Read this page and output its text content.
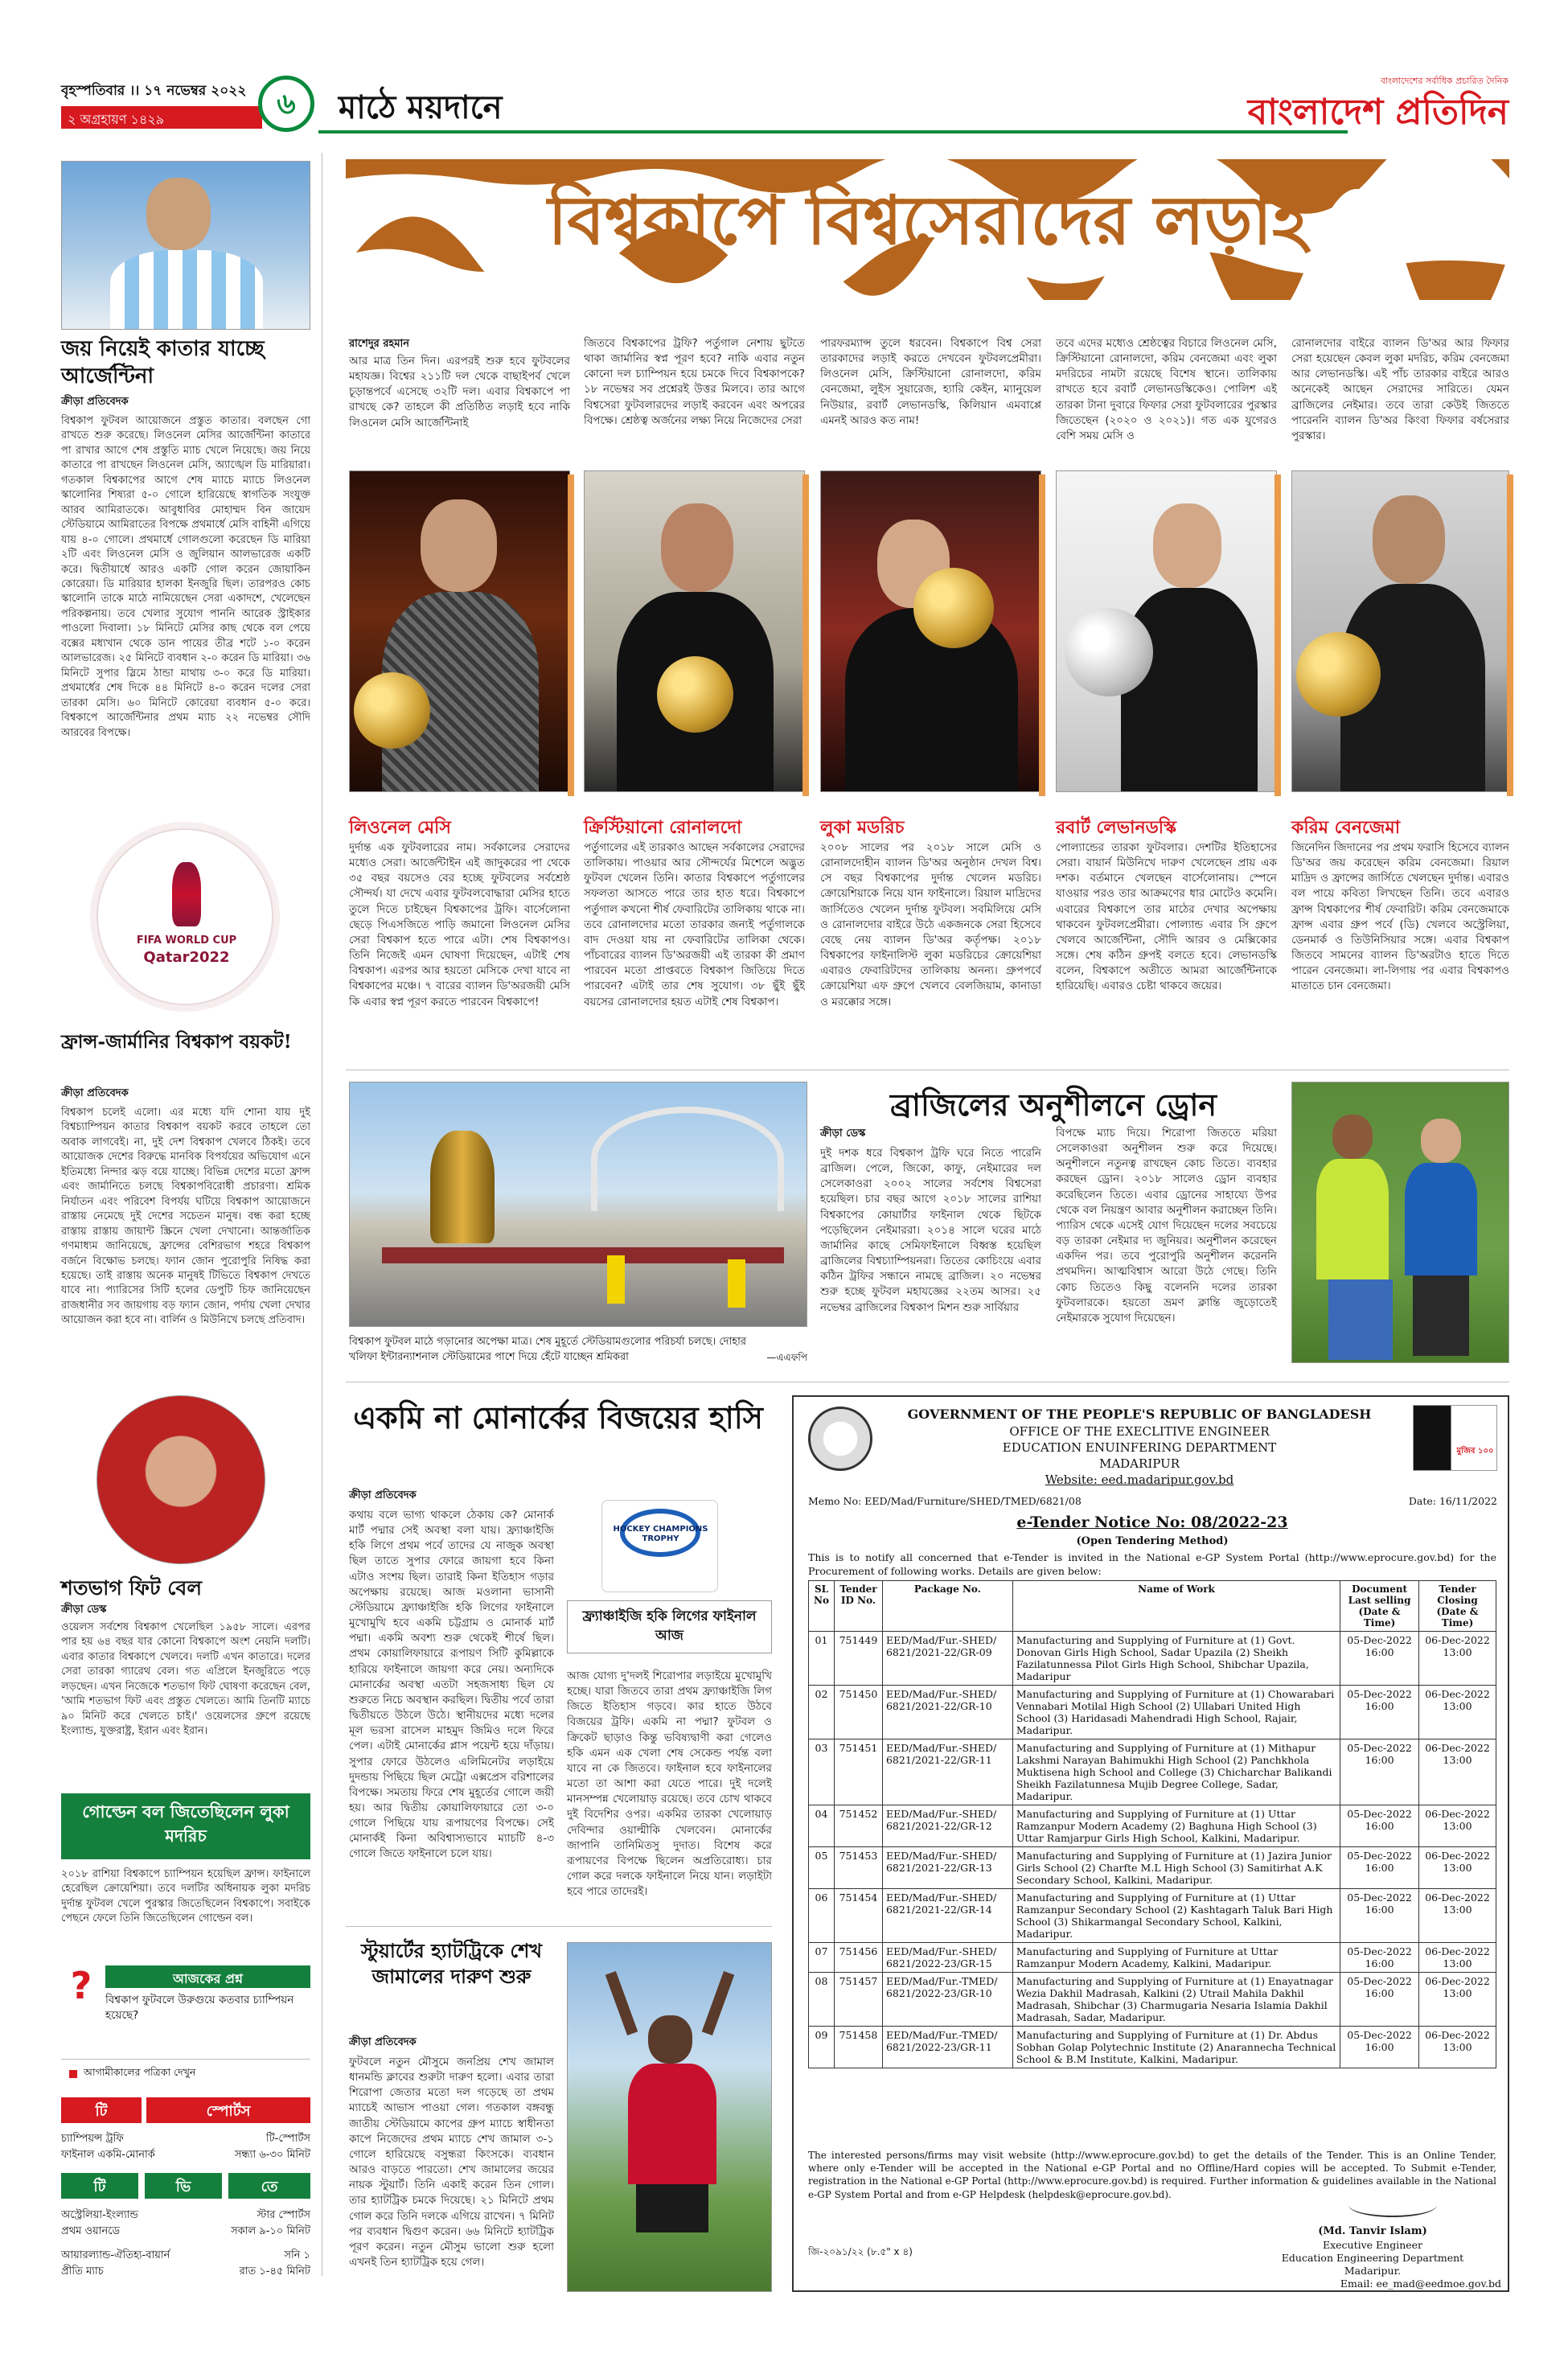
বৃহস্পতিবার ।। ১৭ নভেম্বর ২০২২
২ অগ্রহায়ণ ১৪২৯	৬	মাঠে ময়দানে
বাংলাদেশের সর্বাধিক প্রচারিত দৈনিক
বাংলাদেশ প্রতিদিন
জয় নিয়েই কাতার যাচ্ছে আর্জেন্টিনা
ক্রীড়া প্রতিবেদক
বিশ্বকাপ ফুটবল আয়োজনে প্রস্তুত কাতার। বলছেন গো রাখতে শুরু করেছে। লিওনেল মেসির আর্জেন্টিনা কাতারে পা রাখার আগে শেষ প্রস্তুতি ম্যাচ খেলে নিয়েছে। জয় নিয়ে কাতারে পা রাখছেন লিওনেল মেসি, অ্যাঙ্খেল ডি মারিয়ারা। গতকাল বিশ্বকাপের আগে শেষ ম্যাচে ম্যাচে লিওনেল স্কালোনির শিষ্যরা ৫-০ গোলে হারিয়েছে স্বাগতিক সংযুক্ত আরব আমিরাতকে। আবুধাবির মোহাম্মদ বিন জায়েদ স্টেডিয়ামে আমিরাতের বিপক্ষে প্রথমার্ধে মেসি বাহিনী এগিয়ে যায় ৪-০ গোলে। প্রথমার্ধে গোলগুলো করেছেন ডি মারিয়া ২টি এবং লিওনেল মেসি ও জুলিয়ান আলভারেজ একটি করে। দ্বিতীয়ার্ধে আরও একটি গোল করেন জোয়াকিন কোরেয়া। ডি মারিয়ার হালকা ইনজুরি ছিল। তারপরও কোচ স্কালোনি তাকে মাঠে নামিয়েছেন সেরা একাদশে, খেলেছেন পরিকল্পনায়। তবে খেলার সুযোগ পাননি আরেক স্ট্রাইকার পাওলো দিবালা। ১৮ মিনিটে মেসির কাছ থেকে বল পেয়ে বক্সের মধ্যখান থেকে ডান পায়ের তীব্র শটে ১-০ করেন আলভারেজ। ২৫ মিনিটে ব্যবধান ২-০ করেন ডি মারিয়া। ৩৬ মিনিটে সুপার স্লিমে ঠান্ডা মাথায় ৩-০ করে ডি মারিয়া। প্রথমার্ধের শেষ দিকে ৪৪ মিনিটে ৪-০ করেন দলের সেরা তারকা মেসি। ৬০ মিনিটে কোরেয়া ব্যবধান ৫-০ করে। বিশ্বকাপে আর্জেন্টিনার প্রথম ম্যাচ ২২ নভেম্বর সৌদি আরবের বিপক্ষে।
FIFA WORLD CUP
Qatar2022
ফ্রান্স-জার্মানির বিশ্বকাপ বয়কট!
ক্রীড়া প্রতিবেদক
বিশ্বকাপ চলেই এলো। এর মধ্যে যদি শোনা যায় দুই বিশ্বচ্যাম্পিয়ন কাতার বিশ্বকাপ বয়কট করবে তাহলে তো অবাক লাগবেই। না, দুই দেশ বিশ্বকাপ খেলবে ঠিকই। তবে আয়োজক দেশের বিরুদ্ধে মানবিক বিপর্যয়ের অভিযোগ এনে ইতিমধ্যে নিন্দার ঝড় বয়ে যাচ্ছে। বিভিন্ন দেশের মতো ফ্রান্স এবং জার্মানিতে চলছে বিশ্বকাপবিরোধী প্রচারণা। শ্রমিক নির্যাতন এবং পরিবেশ বিপর্যয় ঘটিয়ে বিশ্বকাপ আয়োজনে রাস্তায় নেমেছে দুই দেশের সচেতন মানুষ। বন্ধ করা হচ্ছে রাস্তায় রাস্তায় জায়ান্ট স্ক্রিনে খেলা দেখানো। আন্তর্জাতিক গণমাধ্যম জানিয়েছে, ফ্রান্সের বেশিরভাগ শহরে বিশ্বকাপ বর্জনে বিক্ষোভ চলছে। ফ্যান জোন পুরোপুরি নিষিদ্ধ করা হয়েছে। তাই রাস্তায় অনেক মানুষই টিভিতে বিশ্বকাপ দেখতে যাবে না। প্যারিসের সিটি হলের ডেপুটি চিফ জানিয়েছেন রাজধানীর সব জায়গায় বড় ফ্যান জোন, পর্দায় খেলা দেখার আয়োজন করা হবে না। বার্লিন ও মিউনিখে চলছে প্রতিবাদ।
শতভাগ ফিট বেল
ক্রীড়া ডেস্ক
ওয়েলস সর্বশেষ বিশ্বকাপ খেলেছিল ১৯৫৮ সালে। এরপর পার হয় ৬৪ বছর যার কোনো বিশ্বকাপে অংশ নেয়নি দলটি। এবার কাতার বিশ্বকাপে খেলবে। দলটি এখন কাতারে। দলের সেরা তারকা গ্যারেথ বেল। গত এপ্রিলে ইনজুরিতে পড়ে লড়ছেন। এখন নিজেকে শতভাগ ফিট ঘোষণা করেছেন বেল, 'আমি শতভাগ ফিট এবং প্রস্তুত খেলতে। আমি তিনটি ম্যাচে ৯০ মিনিট করে খেলতে চাই।' ওয়েলসের গ্রুপে রয়েছে ইংল্যান্ড, যুক্তরাষ্ট্র, ইরান এবং ইরান।
গোল্ডেন বল জিতেছিলেন লুকা মদরিচ
২০১৮ রাশিয়া বিশ্বকাপে চ্যাম্পিয়ন হয়েছিল ফ্রান্স। ফাইনালে হেরেছিল ক্রোয়েশিয়া। তবে দলটির অধিনায়ক লুকা মদরিচ দুর্দান্ত ফুটবল খেলে পুরস্কার জিতেছিলেন বিশ্বকাপে। সবাইকে পেছনে ফেলে তিনি জিতেছিলেন গোল্ডেন বল।
?	আজকের প্রশ্ন
বিশ্বকাপ ফুটবলে উরুগুয়ে কতবার চ্যাম্পিয়ন হয়েছে?
আগামীকালের পত্রিকা দেখুন
টি	স্পোর্টস
চ্যাম্পিয়ন্স ট্রফি	টি-স্পোর্টস
ফাইনাল একমি-মোনার্ক	সন্ধ্যা ৬-৩০ মিনিট
টি	ভি	তে
অস্ট্রেলিয়া-ইংল্যান্ড	স্টার স্পোর্টস
প্রথম ওয়ানডে	সকাল ৯-১০ মিনিট
আয়ারল্যান্ড-ঐতিহ্য-বায়ার্ন	সনি ১
প্রীতি ম্যাচ	রাত ১-৪৫ মিনিট
বিশ্বকাপে বিশ্বসেরাদের লড়াই
রাশেদুর রহমান
আর মাত্র তিন দিন। এরপরই শুরু হবে ফুটবলের মহাযজ্ঞ। বিশ্বের ২১১টি দল থেকে বাছাইপর্ব খেলে চূড়ান্তপর্বে এসেছে ৩২টি দল। এবার বিশ্বকাপে পা রাখছে কে? তাহলে কী প্রতিষ্ঠিত লড়াই হবে নাকি লিওনেল মেসি আর্জেন্টিনাই
জিতবে বিশ্বকাপের ট্রফি? পর্তুগাল নেশায় ছুটতে থাকা জার্মানির স্বপ্ন পূরণ হবে? নাকি এবার নতুন কোনো দল চ্যাম্পিয়ন হয়ে চমকে দিবে বিশ্বকাপকে? ১৮ নভেম্বর সব প্রশ্নেরই উত্তর মিলবে। তার আগে বিশ্বসেরা ফুটবলারদের লড়াই করবেন এবং অপরের বিপক্ষে। শ্রেষ্ঠত্ব অর্জনের লক্ষ্য নিয়ে নিজেদের সেরা
পারফরম্যান্স তুলে ধরবেন। বিশ্বকাপে বিশ্ব সেরা তারকাদের লড়াই করতে দেখবেন ফুটবলপ্রেমীরা। লিওনেল মেসি, ক্রিস্টিয়ানো রোনালদো, করিম বেনজেমা, লুইস সুয়ারেজ, হ্যারি কেইন, ম্যানুয়েল নিউয়ার, রবার্ট লেভানডস্কি, কিলিয়ান এমবাপ্পে এমনই আরও কত নাম!
তবে এদের মধ্যেও শ্রেষ্ঠত্বের বিচারে লিওনেল মেসি, ক্রিস্টিয়ানো রোনালদো, করিম বেনজেমা এবং লুকা মদরিচের নামটা রয়েছে বিশেষ স্থানে। তালিকায় রাখতে হবে রবার্ট লেভানডস্কিকেও। পোলিশ এই তারকা টানা দুবারে ফিফার সেরা ফুটবলারের পুরস্কার জিতেছেন (২০২০ ও ২০২১)। গত এক যুগেরও বেশি সময় মেসি ও
রোনালদোর বাইরে ব্যালন ডি'অর আর ফিফার সেরা হয়েছেন কেবল লুকা মদরিচ, করিম বেনজেমা আর লেভানডস্কি। এই পাঁচ তারকার বাইরে আরও অনেকেই আছেন সেরাদের সারিতে। যেমন ব্রাজিলের নেইমার। তবে তারা কেউই জিততে পারেননি ব্যালন ডি'অর কিংবা ফিফার বর্ষসেরার পুরস্কার।
লিওনেল মেসি
দুর্দান্ত এক ফুটবলারের নাম। সর্বকালের সেরাদের মধ্যেও সেরা। আর্জেন্টাইন এই জাদুকরের পা থেকে ৩৫ বছর বয়সেও বের হচ্ছে ফুটবলের সর্বশ্রেষ্ঠ সৌন্দর্য। যা দেখে এবার ফুটবলবোদ্ধারা মেসির হাতে তুলে দিতে চাইছেন বিশ্বকাপের ট্রফি। বার্সেলোনা ছেড়ে পিএসজিতে পাড়ি জমানো লিওনেল মেসির সেরা বিশ্বকাপ হতে পারে এটা। শেষ বিশ্বকাপও। তিনি নিজেই এমন ঘোষণা দিয়েছেন, এটাই শেষ বিশ্বকাপ। এরপর আর হয়তো মেসিকে দেখা যাবে না বিশ্বকাপের মঞ্চে। ৭ বারের ব্যালন ডি'অরজয়ী মেসি কি এবার স্বপ্ন পূরণ করতে পারবেন বিশ্বকাপে!
ক্রিস্টিয়ানো রোনালদো
পর্তুগালের এই তারকাও আছেন সর্বকালের সেরাদের তালিকায়। পাওয়ার আর সৌন্দর্যের মিশেলে অদ্ভুত ফুটবল খেলেন তিনি। কাতার বিশ্বকাপে পর্তুগালের সফলতা আসতে পারে তার হাত ধরে। বিশ্বকাপে পর্তুগাল কখনো শীর্ষ ফেবারিটের তালিকায় থাকে না। তবে রোনালদোর মতো তারকার জন্যই পর্তুগালকে বাদ দেওয়া যায় না ফেবারিটের তালিকা থেকে। পাঁচবারের ব্যালন ডি'অরজয়ী এই তারকা কী প্রমাণ পারবেন মতো প্রাপ্তবতে বিশ্বকাপ জিতিয়ে দিতে পারবেন? এটাই তার শেষ সুযোগ। ৩৮ ছুঁই ছুঁই বয়সের রোনালদোর হয়ত এটাই শেষ বিশ্বকাপ।
লুকা মডরিচ
২০০৮ সালের পর ২০১৮ সালে মেসি ও রোনালদোহীন ব্যালন ডি'অর অনুষ্ঠান দেখল বিশ্ব। সে বছর বিশ্বকাপের দুর্দান্ত খেলেন মডরিচ। ক্রোয়েশিয়াকে নিয়ে যান ফাইনালে। রিয়াল মাদ্রিদের জার্সিতেও খেলেন দুর্দান্ত ফুটবল। সবমিলিয়ে মেসি ও রোনালদোর বাইরে উঠে একজনকে সেরা হিসেবে বেছে নেয় ব্যালন ডি'অর কর্তৃপক্ষ। ২০১৮ বিশ্বকাপের ফাইনালিস্ট লুকা মডরিচের ক্রোয়েশিয়া এবারও ফেবারিটদের তালিকায় অনন্য। গ্রুপপর্বে ক্রোয়েশিয়া এফ গ্রুপে খেলবে বেলজিয়াম, কানাডা ও মরক্কোর সঙ্গে।
রবার্ট লেভানডস্কি
পোল্যান্ডের তারকা ফুটবলার। দেশটির ইতিহাসের সেরা। বায়ার্ন মিউনিখে দারুণ খেলেছেন প্রায় এক দশক। বর্তমানে খেলছেন বার্সেলোনায়। স্পেনে যাওয়ার পরও তার আক্রমণের ধার মোটেও কমেনি। এবারের বিশ্বকাপে তার মাঠের দেখার অপেক্ষায় থাকবেন ফুটবলপ্রেমীরা। পোল্যান্ড এবার সি গ্রুপে খেলবে আর্জেন্টিনা, সৌদি আরব ও মেক্সিকোর সঙ্গে। শেষ কঠিন গ্রুপই বলতে হবে। লেভানডস্কি বলেন, বিশ্বকাপে অতীতে আমরা আর্জেন্টিনাকে হারিয়েছি। এবারও চেষ্টা থাকবে জয়ের।
করিম বেনজেমা
জিনেদিন জিদানের পর প্রথম ফরাসি হিসেবে ব্যালন ডি'অর জয় করেছেন করিম বেনজেমা। রিয়াল মাদ্রিদ ও ফ্রান্সের জার্সিতে খেলছেন দুর্দান্ত। এবারও বল পায়ে কবিতা লিখছেন তিনি। তবে এবারও ফ্রান্স বিশ্বকাপের শীর্ষ ফেবারিট। করিম বেনজেমাকে ফ্রান্স এবার গ্রুপ পর্বে (ডি) খেলবে অস্ট্রেলিয়া, ডেনমার্ক ও তিউনিসিয়ার সঙ্গে। এবার বিশ্বকাপ জিতবে সামনের ব্যালন ডি'অরটাও হাতে দিতে পারেন বেনজেমা। লা-লিগায় পর এবার বিশ্বকাপও মাতাতে চান বেনজেমা।
বিশ্বকাপ ফুটবল মাঠে গড়ানোর অপেক্ষা মাত্র। শেষ মুহূর্তে স্টেডিয়ামগুলোর পরিচর্যা চলছে। দোহার খলিফা ইন্টারন্যাশনাল স্টেডিয়ামের পাশে দিয়ে হেঁটে যাচ্ছেন শ্রমিকরা	—এএফপি
ব্রাজিলের অনুশীলনে ড্রোন
ক্রীড়া ডেস্ক
দুই দশক ধরে বিশ্বকাপ ট্রফি ঘরে নিতে পারেনি ব্রাজিল। পেলে, জিকো, কাফু, নেইমারের দল সেলেকাওরা ২০০২ সালের সর্বশেষ বিশ্বসেরা হয়েছিল। চার বছর আগে ২০১৮ সালের রাশিয়া বিশ্বকাপের কোয়ার্টার ফাইনাল থেকে ছিটকে পড়েছিলেন নেইমাররা। ২০১৪ সালে ঘরের মাঠে জার্মানির কাছে সেমিফাইনালে বিধ্বস্ত হয়েছিল ব্রাজিলের বিশ্বচ্যাম্পিয়নরা। তিতের কোচিংয়ে এবার কঠিন ট্রফির সন্ধানে নামছে ব্রাজিল। ২০ নভেম্বর শুরু হচ্ছে ফুটবল মহাযজ্ঞের ২২তম আসর। ২৫ নভেম্বর ব্রাজিলের বিশ্বকাপ মিশন শুরু সার্বিয়ার
বিপক্ষে ম্যাচ দিয়ে। শিরোপা জিততে মরিয়া সেলেকাওরা অনুশীলন শুরু করে দিয়েছে। অনুশীলনে নতুনত্ব রাখছেন কোচ তিতে। ব্যবহার করছেন ড্রোন। ২০১৮ সালেও ড্রোন ব্যবহার করেছিলেন তিতে। এবার ড্রোনের সাহায্যে উপর থেকে বল নিয়ন্ত্রণ আবার অনুশীলন করাচ্ছেন তিনি। প্যারিস থেকে এসেই যোগ দিয়েছেন দলের সবচেয়ে বড় তারকা নেইমার দ্য জুনিয়র। অনুশীলন করেছেন একদিন পর। তবে পুরোপুরি অনুশীলন করেননি প্রথমদিন। আত্মবিশ্বাস আরো উঠে গেছে। তিনি কোচ তিতেও কিছু বলেননি দলের তারকা ফুটবলারকে। হয়তো ভ্রমণ ক্লান্তি জুড়োতেই নেইমারকে সুযোগ দিয়েছেন।
একমি না মোনার্কের বিজয়ের হাসি
ক্রীড়া প্রতিবেদক
কথায় বলে ভাগ্য থাকলে ঠেকায় কে? মোনার্ক মার্ট পদ্মার সেই অবস্থা বলা যায়। ফ্র্যাঞ্চাইজি হকি লিগে প্রথম পর্বে তাদের যে নাজুক অবস্থা ছিল তাতে সুপার ফোরে জায়গা হবে কিনা এটাও সংশয় ছিল। তারাই কিনা ইতিহাস গড়ার অপেক্ষায় রয়েছে। আজ মওলানা ভাসানী স্টেডিয়ামে ফ্র্যাঞ্চাইজি হকি লিগের ফাইনালে মুখোমুখি হবে একমি চট্টগ্রাম ও মোনার্ক মার্ট পদ্মা। একমি অবশ্য শুরু থেকেই শীর্ষে ছিল। প্রথম কোয়ালিফায়ারে রূপায়ণ সিটি কুমিল্লাকে হারিয়ে ফাইনালে জায়গা করে নেয়। অন্যদিকে মোনার্কের অবস্থা এতটা সহজসাধ্য ছিল যে শুরুতে নিচে অবস্থান করছিল। দ্বিতীয় পর্বে তারা দ্বিতীয়তে উঠলে উঠে। স্থানীয়দের মধ্যে দলের মূল ভরসা রাসেল মাহমুদ জিমিও দলে ফিরে পেল। এটাই মোনার্কের প্লাস পয়েন্ট হয়ে দাঁড়ায়। সুপার ফোরে উঠলেও এলিমিনেটর লড়াইয়ে দুদন্ডায় পিছিয়ে ছিল মেট্রো এক্সপ্রেস বরিশালের বিপক্ষে। সমতায় ফিরে শেষ মুহূর্তের গোলে জয়ী হয়। আর দ্বিতীয় কোয়ালিফায়ারে তো ৩-০ গোলে পিছিয়ে যায় রূপায়ণের বিপক্ষে। সেই মোনার্কই কিনা অবিশ্বাস্যভাবে ম্যাচটি ৪-৩ গোলে জিতে ফাইনালে চলে যায়।
HOCKEY CHAMPIONS TROPHY
ফ্র্যাঞ্চাইজি হকি লিগের ফাইনাল আজ
আজ যোগ্য দু'দলই শিরোপার লড়াইয়ে মুখোমুখি হচ্ছে। যারা জিতবে তারা প্রথম ফ্র্যাঞ্চাইজি লিগ জিতে ইতিহাস গড়বে। কার হাতে উঠবে বিজয়ের ট্রফি। একমি না পদ্মা? ফুটবল ও ক্রিকেট ছাড়াও কিন্তু ভবিষ্যদ্বাণী করা গেলেও হকি এমন এক খেলা শেষ সেকেন্ড পর্যন্ত বলা যাবে না কে জিতবে। ফাইনাল হবে ফাইনালের মতো তা আশা করা যেতে পারে। দুই দলেই মানসম্পন্ন খেলোয়াড় রয়েছে। তবে চোখ থাকবে দুই বিদেশির ওপর। একমির তারকা খেলোয়াড় দেবিন্দার ওয়াল্মীকি খেলবেন। মোনার্কের জাপানি তানিমিতসু দুদাত। বিশেষ করে রূপায়ণের বিপক্ষে ছিলেন অপ্রতিরোধ্য। চার গোল করে দলকে ফাইনালে নিয়ে যান। লড়াইটা হবে পারে তাদেরই।
স্টুয়ার্টের হ্যাটট্রিকে শেখ জামালের দারুণ শুরু
ক্রীড়া প্রতিবেদক
ফুটবলে নতুন মৌসুমে জনপ্রিয় শেখ জামাল ধানমন্ডি ক্লাবের শুরুটা দারুণ হলো। এবার তারা শিরোপা জেতার মতো দল গড়েছে তা প্রথম ম্যাচেই আভাস পাওয়া গেল। গতকাল বঙ্গবন্ধু জাতীয় স্টেডিয়ামে কাপের গ্রুপ ম্যাচে স্বাধীনতা কাপে নিজেদের প্রথম ম্যাচে শেখ জামাল ৩-১ গোলে হারিয়েছে বসুন্ধরা কিংসকে। ব্যবধান আরও বাড়তে পারতো। শেখ জামালের জয়ের নায়ক স্টুয়ার্ট। তিনি একাই করেন তিন গোল। তার হ্যাটট্রিক চমকে দিয়েছে। ২১ মিনিটে প্রথম গোল করে তিনি দলকে এগিয়ে রাখেন। ৭ মিনিট পর ব্যবধান দ্বিগুণ করেন। ৬৬ মিনিটে হ্যাটট্রিক পূরণ করেন। নতুন মৌসুম ভালো শুরু হলো এখনই তিন হ্যাটট্রিক হয়ে গেল।
মুজিব ১০০
GOVERNMENT OF THE PEOPLE'S REPUBLIC OF BANGLADESH
OFFICE OF THE EXECLITIVE ENGINEER
EDUCATION ENUINFERING DEPARTMENT
MADARIPUR
Website: eed.madaripur.gov.bd
Memo No: EED/Mad/Furniture/SHED/TMED/6821/08	Date: 16/11/2022
e-Tender Notice No: 08/2022-23
(Open Tendering Method)
This is to notify all concerned that e-Tender is invited in the National e-GP System Portal (http://www.eprocure.gov.bd) for the Procurement of following works. Details are given below:
SL No	Tender ID No.	Package No.	Name of Work	Document Last selling (Date & Time)	Tender Closing (Date & Time)
01	751449	EED/Mad/Fur.-SHED/ 6821/2021-22/GR-09	Manufacturing and Supplying of Furniture at (1) Govt. Donovan Girls High School, Sadar Upazila (2) Sheikh Fazilatunnessa Pilot Girls High School, Shibchar Upazila, Madaripur	05-Dec-2022 16:00	06-Dec-2022 13:00
02	751450	EED/Mad/Fur.-SHED/ 6821/2021-22/GR-10	Manufacturing and Supplying of Furniture at (1) Chowarabari Vennabari Motilal High School (2) Ullabari United High School (3) Haridasadi Mahendradi High School, Rajair, Madaripur.	05-Dec-2022 16:00	06-Dec-2022 13:00
03	751451	EED/Mad/Fur.-SHED/ 6821/2021-22/GR-11	Manufacturing and Supplying of Furniture at (1) Mithapur Lakshmi Narayan Bahimukhi High School (2) Panchkhola Muktisena high School and College (3) Chicharchar Balikandi Sheikh Fazilatunnesa Mujib Degree College, Sadar, Madaripur.	05-Dec-2022 16:00	06-Dec-2022 13:00
04	751452	EED/Mad/Fur.-SHED/ 6821/2021-22/GR-12	Manufacturing and Supplying of Furniture at (1) Uttar Ramzanpur Modern Academy (2) Baghuna High School (3) Uttar Ramjarpur Girls High School, Kalkini, Madaripur.	05-Dec-2022 16:00	06-Dec-2022 13:00
05	751453	EED/Mad/Fur.-SHED/ 6821/2021-22/GR-13	Manufacturing and Supplying of Furniture at (1) Jazira Junior Girls School (2) Charfte M.L High School (3) Samitirhat A.K Secondary School, Kalkini, Madaripur.	05-Dec-2022 16:00	06-Dec-2022 13:00
06	751454	EED/Mad/Fur.-SHED/ 6821/2021-22/GR-14	Manufacturing and Supplying of Furniture at (1) Uttar Ramzanpur Secondary School (2) Kashtagarh Taluk Bari High School (3) Shikarmangal Secondary School, Kalkini, Madaripur.	05-Dec-2022 16:00	06-Dec-2022 13:00
07	751456	EED/Mad/Fur.-SHED/ 6821/2022-23/GR-15	Manufacturing and Supplying of Furniture at Uttar Ramzanpur Modern Academy, Kalkini, Madaripur.	05-Dec-2022 16:00	06-Dec-2022 13:00
08	751457	EED/Mad/Fur.-TMED/ 6821/2022-23/GR-10	Manufacturing and Supplying of Furniture at (1) Enayatnagar Wezia Dakhil Madrasah, Kalkini (2) Utrail Mahila Dakhil Madrasah, Shibchar (3) Charmugaria Nesaria Islamia Dakhil Madrasah, Sadar, Madaripur.	05-Dec-2022 16:00	06-Dec-2022 13:00
09	751458	EED/Mad/Fur.-TMED/ 6821/2022-23/GR-11	Manufacturing and Supplying of Furniture at (1) Dr. Abdus Sobhan Golap Polytechnic Institute (2) Anarannecha Technical School & B.M Institute, Kalkini, Madaripur.	05-Dec-2022 16:00	06-Dec-2022 13:00
The interested persons/firms may visit website (http://www.eprocure.gov.bd) to get the details of the Tender. This is an Online Tender, where only e-Tender will be accepted in the National e-GP Portal and no Offline/Hard copies will be accepted. To Submit e-Tender, registration in the National e-GP Portal (http://www.eprocure.gov.bd) is required. Further information & guidelines available in the National e-GP System Portal and from e-GP Helpdesk (helpdesk@eprocure.gov.bd).
জি-২০৯১/২২ (৮.৫" x ৪)
(Md. Tanvir Islam)
Executive Engineer
Education Engineering Department
Madaripur.
Email: ee_mad@eedmoe.gov.bd
